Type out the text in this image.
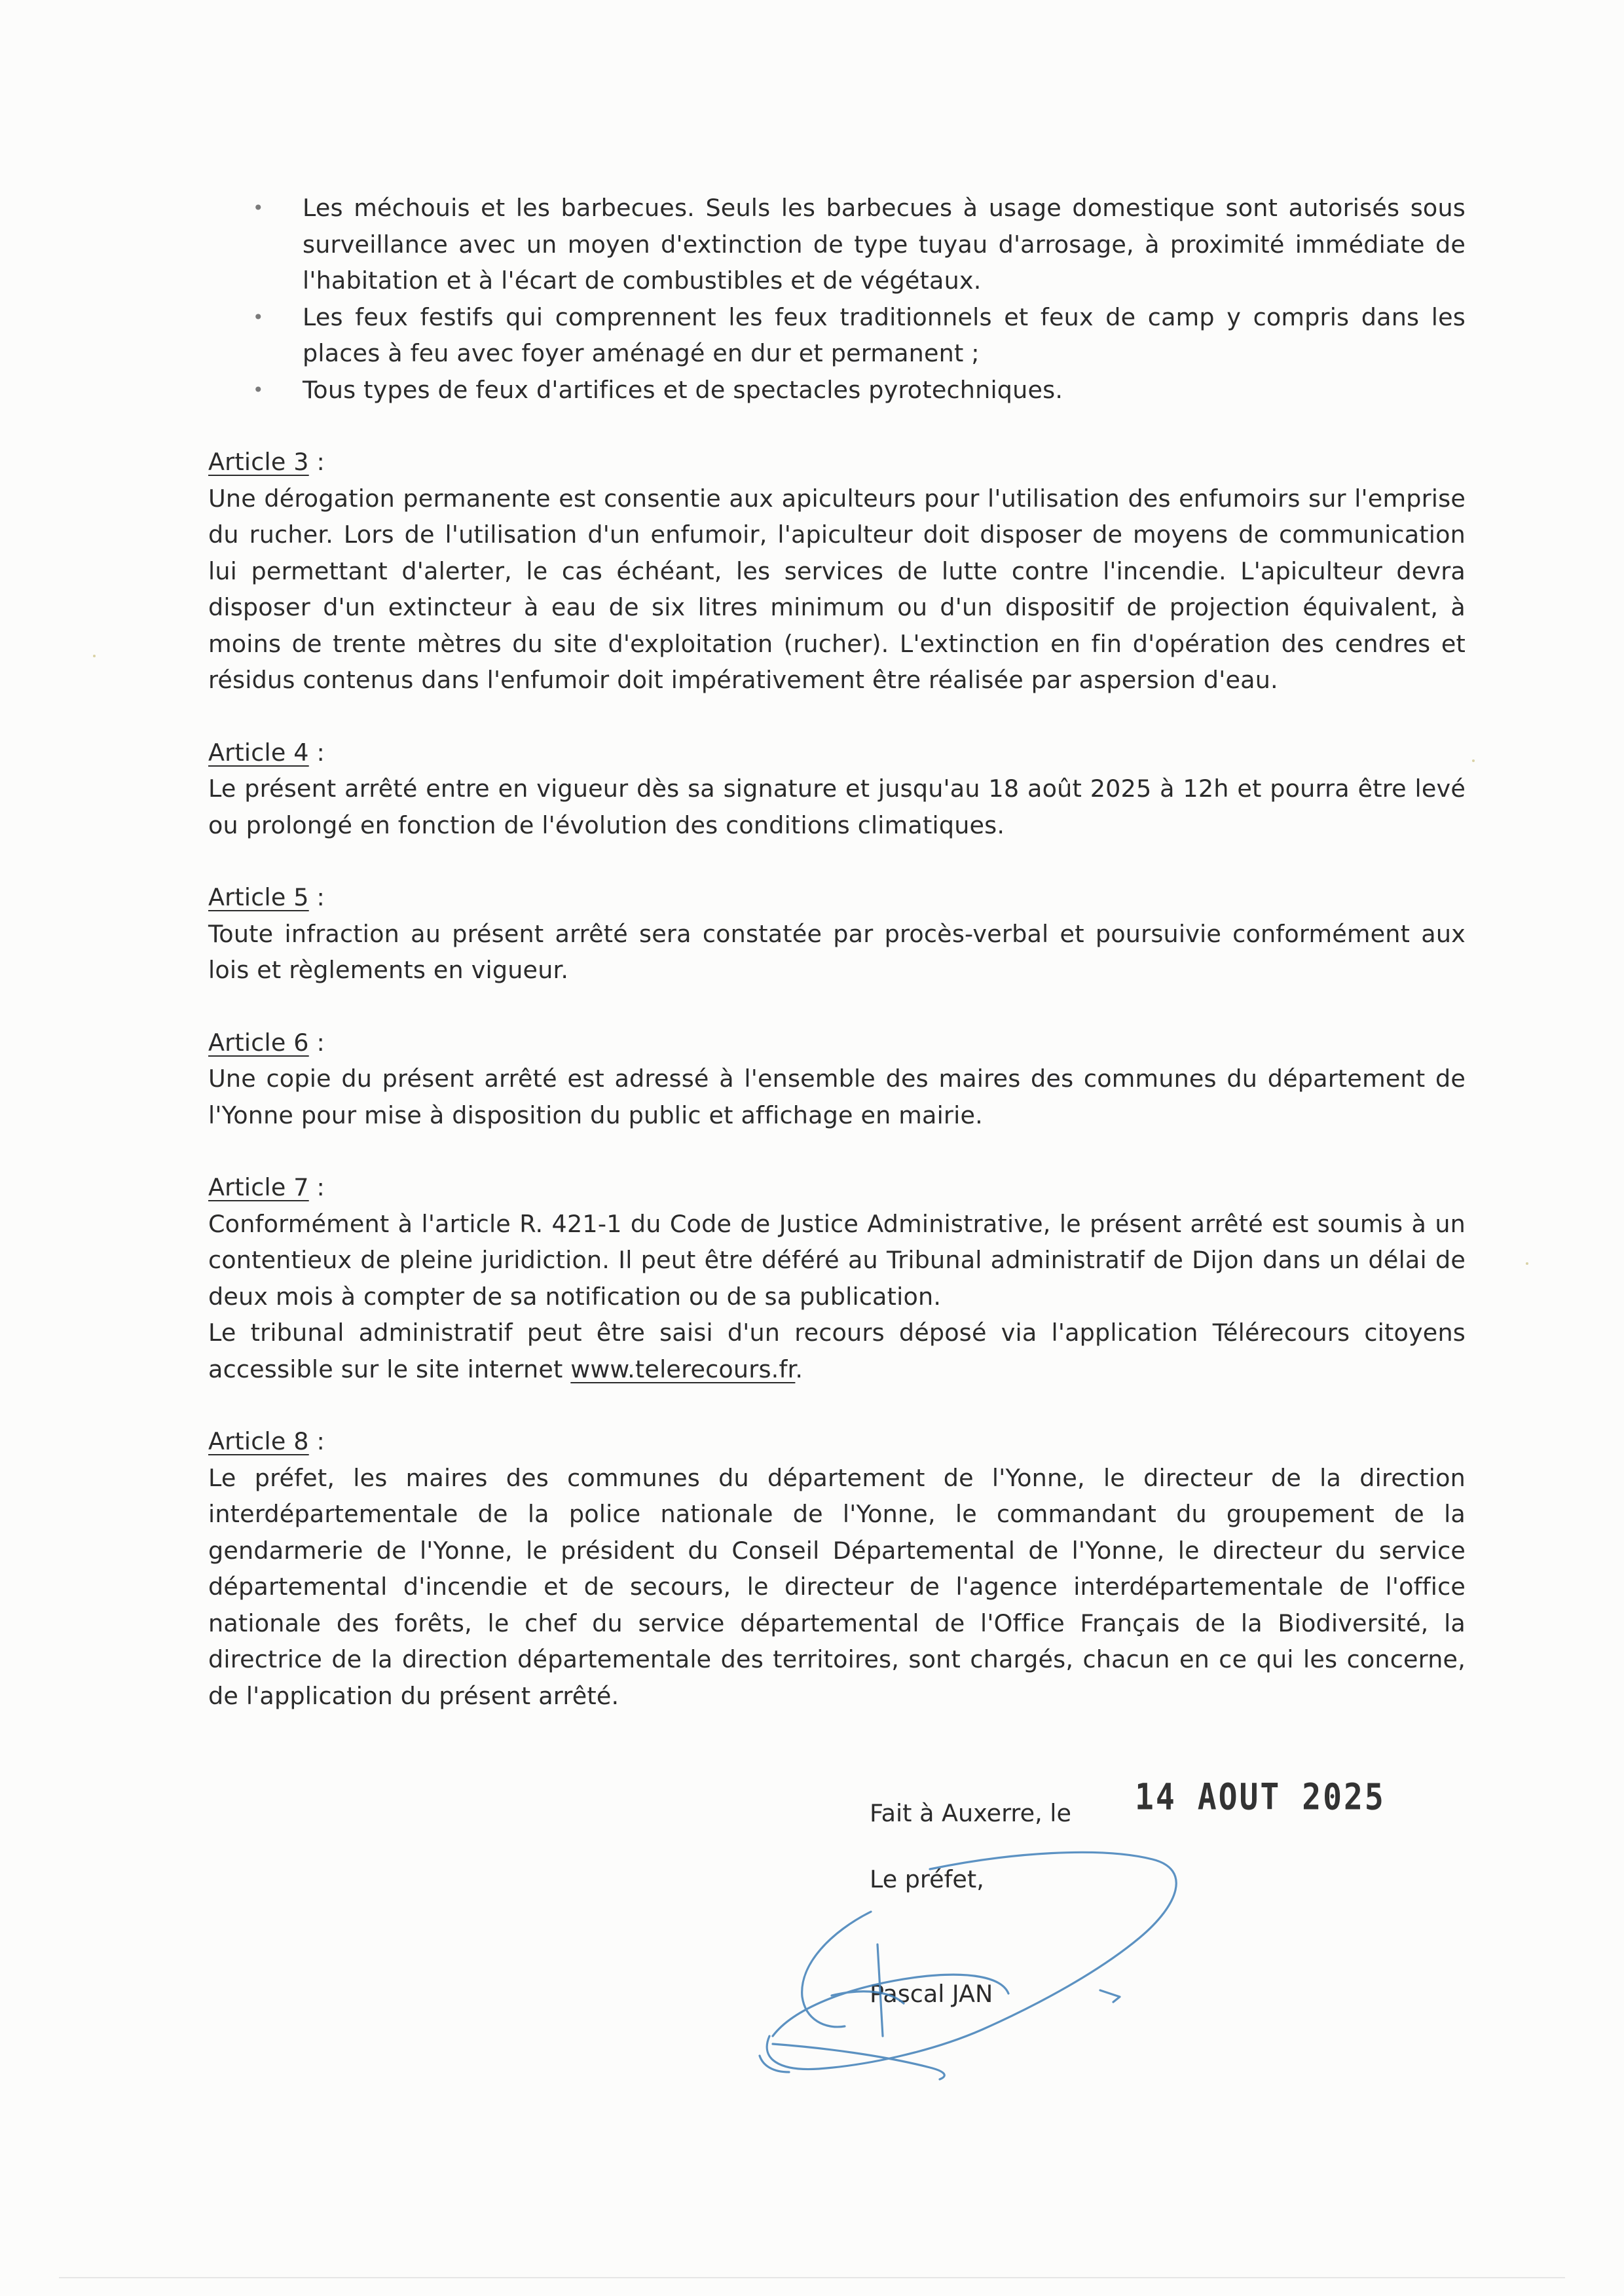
• Les méchouis et les barbecues. Seuls les barbecues à usage domestique sont autorisés sous surveillance avec un moyen d'extinction de type tuyau d'arrosage, à proximité immédiate de l'habitation et à l'écart de combustibles et de végétaux.
• Les feux festifs qui comprennent les feux traditionnels et feux de camp y compris dans les places à feu avec foyer aménagé en dur et permanent ;
• Tous types de feux d'artifices et de spectacles pyrotechniques.
Article 3 :

Une dérogation permanente est consentie aux apiculteurs pour l'utilisation des enfumoirs sur l'emprise du rucher. Lors de l'utilisation d'un enfumoir, l'apiculteur doit disposer de moyens de communication lui permettant d'alerter, le cas échéant, les services de lutte contre l'incendie. L'apiculteur devra disposer d'un extincteur à eau de six litres minimum ou d'un dispositif de projection équivalent, à moins de trente mètres du site d'exploitation (rucher). L'extinction en fin d'opération des cendres et résidus contenus dans l'enfumoir doit impérativement être réalisée par aspersion d'eau.

Article 4 :

Le présent arrêté entre en vigueur dès sa signature et jusqu'au 18 août 2025 à 12h et pourra être levé ou prolongé en fonction de l'évolution des conditions climatiques.

Article 5 :

Toute infraction au présent arrêté sera constatée par procès-verbal et poursuivie conformément aux lois et règlements en vigueur.

Article 6 :

Une copie du présent arrêté est adressé à l'ensemble des maires des communes du département de l'Yonne pour mise à disposition du public et affichage en mairie.

Article 7 :

Conformément à l'article R. 421-1 du Code de Justice Administrative, le présent arrêté est soumis à un contentieux de pleine juridiction. Il peut être déféré au Tribunal administratif de Dijon dans un délai de deux mois à compter de sa notification ou de sa publication.

Le tribunal administratif peut être saisi d'un recours déposé via l'application Télérecours citoyens accessible sur le site internet www.telerecours.fr.

Article 8 :

Le préfet, les maires des communes du département de l'Yonne, le directeur de la direction interdépartementale de la police nationale de l'Yonne, le commandant du groupement de la gendarmerie de l'Yonne, le président du Conseil Départemental de l'Yonne, le directeur du service départemental d'incendie et de secours, le directeur de l'agence interdépartementale de l'office nationale des forêts, le chef du service départemental de l'Office Français de la Biodiversité, la directrice de la direction départementale des territoires, sont chargés, chacun en ce qui les concerne, de l'application du présent arrêté.

Fait à Auxerre, le 14 AOUT 2025
Le préfet,
Pascal JAN
